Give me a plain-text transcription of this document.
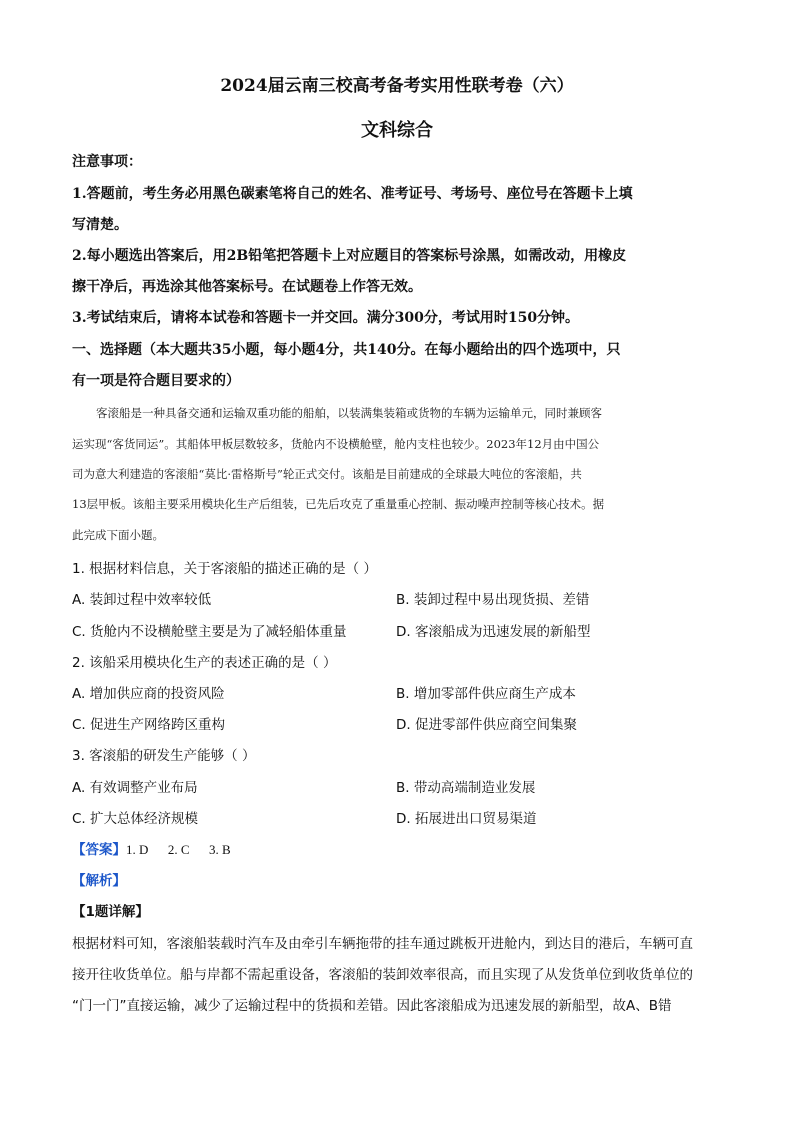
2024届云南三校高考备考实用性联考卷（六）
文科综合
注意事项：
1.答题前，考生务必用黑色碳素笔将自己的姓名、准考证号、考场号、座位号在答题卡上填
写清楚。
2.每小题选出答案后，用2B铅笔把答题卡上对应题目的答案标号涂黑，如需改动，用橡皮
擦干净后，再选涂其他答案标号。在试题卷上作答无效。
3.考试结束后，请将本试卷和答题卡一并交回。满分300分，考试用时150分钟。
一、选择题（本大题共35小题，每小题4分，共140分。在每小题给出的四个选项中，只
有一项是符合题目要求的）
客滚船是一种具备交通和运输双重功能的船舶，以装满集装箱或货物的车辆为运输单元，同时兼顾客
运实现“客货同运”。其船体甲板层数较多，货舱内不设横舱壁，舱内支柱也较少。2023年12月由中国公
司为意大利建造的客滚船“莫比·雷格斯号”轮正式交付。该船是目前建成的全球最大吨位的客滚船，共
13层甲板。该船主要采用模块化生产后组装，已先后攻克了重量重心控制、振动噪声控制等核心技术。据
此完成下面小题。
1. 根据材料信息，关于客滚船的描述正确的是（ ）
A. 装卸过程中效率较低	B. 装卸过程中易出现货损、差错
C. 货舱内不设横舱壁主要是为了减轻船体重量	D. 客滚船成为迅速发展的新船型
2. 该船采用模块化生产的表述正确的是（ ）
A. 增加供应商的投资风险	B. 增加零部件供应商生产成本
C. 促进生产网络跨区重构	D. 促进零部件供应商空间集聚
3. 客滚船的研发生产能够（ ）
A. 有效调整产业布局	B. 带动高端制造业发展
C. 扩大总体经济规模	D. 拓展进出口贸易渠道
【答案】1. D      2. C      3. B
【解析】
【1题详解】
根据材料可知，客滚船装载时汽车及由牵引车辆拖带的挂车通过跳板开进舱内，到达目的港后，车辆可直
接开往收货单位。船与岸都不需起重设备，客滚船的装卸效率很高，而且实现了从发货单位到收货单位的
“门一门”直接运输，减少了运输过程中的货损和差错。因此客滚船成为迅速发展的新船型，故A、B错
